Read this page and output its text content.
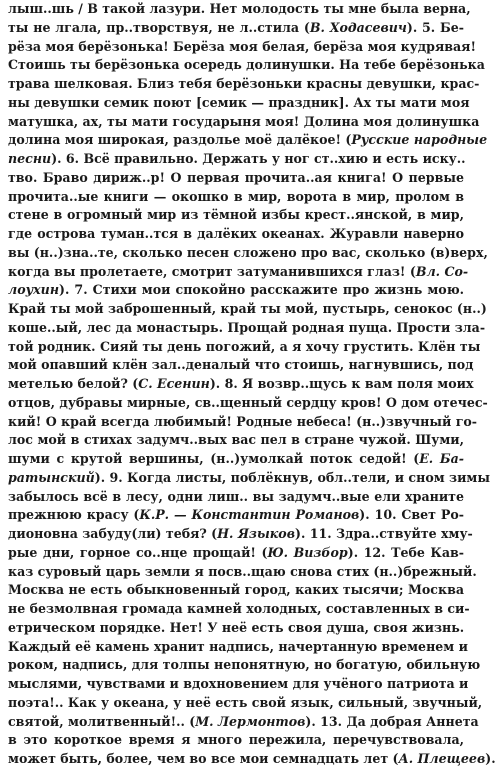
лыш..шь / В такой лазури. Нет молодость ты мне была верна,
ты не лгала, пр..творствуя, не л..стила (В. Ходасевич). 5. Бе-
рёза моя берёзонька! Берёза моя белая, берёза моя кудрявая!
Стоишь ты берёзонька осередь долинушки. На тебе берёзонька
трава шелковая. Близ тебя берёзоньки красны девушки, крас-
ны девушки семик поют [семик — праздник]. Ах ты мати моя
матушка, ах, ты мати государыня моя! Долина моя долинушка
долина моя широкая, раздолье моё далёкое! (Русские народные
песни). 6. Всё правильно. Держать у ног ст..хию и есть иску..
тво. Браво дириж..р! О первая прочита..ая книга! О первые
прочита..ые книги — окошко в мир, ворота в мир, пролом в
стене в огромный мир из тёмной избы крест..янской, в мир,
где острова туман..тся в далёких океанах. Журавли наверно
вы (н..)зна..те, сколько песен сложено про вас, сколько (в)верх,
когда вы пролетаете, смотрит затуманившихся глаз! (Вл. Со-
лоухин). 7. Стихи мои спокойно расскажите про жизнь мою.
Край ты мой заброшенный, край ты мой, пустырь, сенокос (н..)
кошe..ый, лес да монастырь. Прощай родная пуща. Прости зла-
той родник. Сияй ты день погожий, а я хочу грустить. Клён ты
мой опавший клён зал..деналый что стоишь, нагнувшись, под
метелью белой? (С. Есенин). 8. Я возвр..щусь к вам поля моих
отцов, дубравы мирные, св..щенный сердцу кров! О дом отечес-
кий! О край всегда любимый! Родные небеса! (н..)звучный го-
лос мой в стихах задумч..вых вас пел в стране чужой. Шуми,
шуми с крутой вершины, (н..)умолкай поток седой! (Е. Ба-
ратынский). 9. Когда листы, поблёкнув, обл..тели, и сном зимы
забылось всё в лесу, одни лиш.. вы задумч..вые ели храните
прежнюю красу (К.Р. — Константин Романов). 10. Свет Ро-
дионовна забуду(ли) тебя? (Н. Языков). 11. Здра..ствуйте хму-
рые дни, горное со..нце прощай! (Ю. Визбор). 12. Тебе Кав-
каз суровый царь земли я посв..щаю снова стих (н..)брежный.
Москва не есть обыкновенный город, каких тысячи; Москва
не безмолвная громада камней холодных, составленных в си-
етрическом порядке. Нет! У неё есть своя душа, своя жизнь.
Каждый её камень хранит надпись, начертанную временем и
роком, надпись, для толпы непонятную, но богатую, обильную
мыслями, чувствами и вдохновением для учёного патриота и
поэта!.. Как у океана, у неё есть свой язык, сильный, звучный,
святой, молитвенный!.. (М. Лермонтов). 13. Да добрая Аннета
в это короткое время я много пережила, перечувствовала,
может быть, более, чем во все мои семнадцать лет (А. Плещеев).
